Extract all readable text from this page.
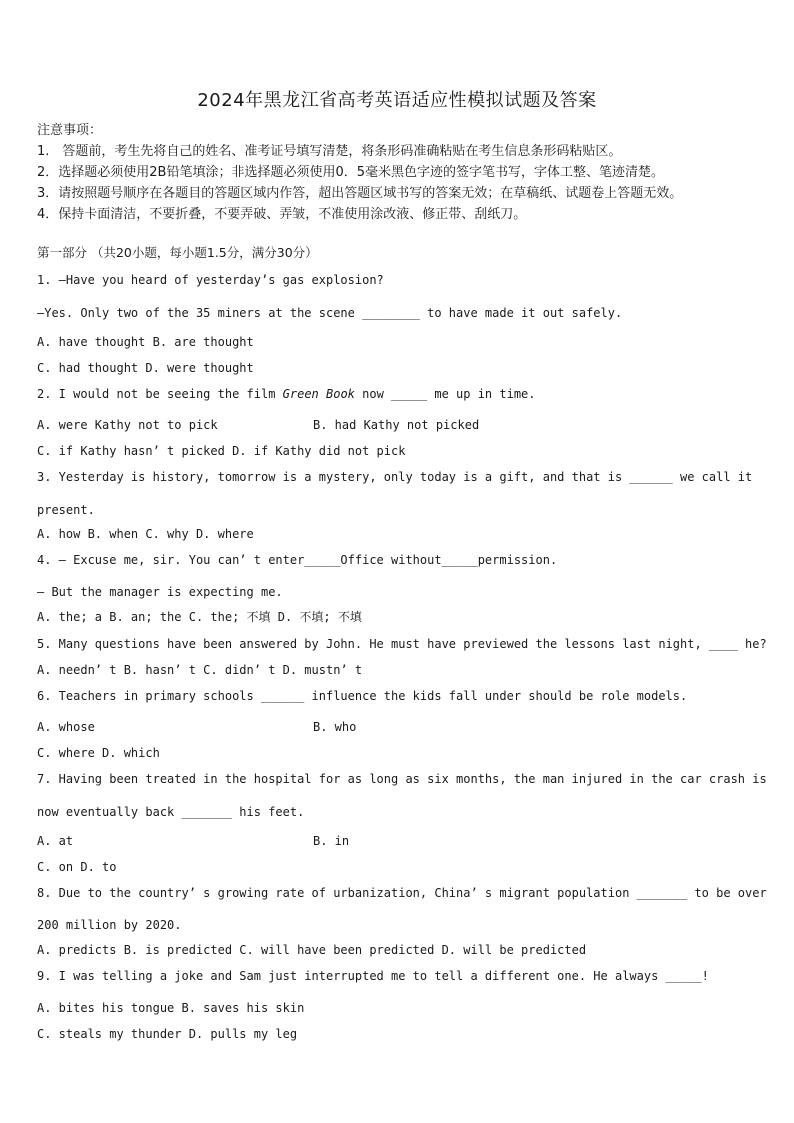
2024年黑龙江省高考英语适应性模拟试题及答案
注意事项：
1.　答题前，考生先将自己的姓名、准考证号填写清楚，将条形码准确粘贴在考生信息条形码粘贴区。
2．选择题必须使用2B铅笔填涂；非选择题必须使用0．5毫米黑色字迹的签字笔书写，字体工整、笔迹清楚。
3．请按照题号顺序在各题目的答题区域内作答，超出答题区域书写的答案无效；在草稿纸、试题卷上答题无效。
4．保持卡面清洁，不要折叠，不要弄破、弄皱，不准使用涂改液、修正带、刮纸刀。
第一部分 （共20小题，每小题1.5分，满分30分）
1. —Have you heard of yesterday’s gas explosion?
—Yes. Only two of the 35 miners at the scene ________ to have made it out safely.
A. have thought B. are thought
C. had thought D. were thought
2. I would not be seeing the film Green Book now _____ me up in time.
A. were Kathy not to pick	B. had Kathy not picked
C. if Kathy hasn’ t picked D. if Kathy did not pick
3. Yesterday is history, tomorrow is a mystery, only today is a gift, and that is ______ we call it
present.
A. how B. when C. why D. where
4. — Excuse me, sir. You can’ t enter_____Office without_____permission.
— But the manager is expecting me.
A. the; a B. an; the C. the; 不填 D. 不填; 不填
5. Many questions have been answered by John. He must have previewed the lessons last night, ____ he?
A. needn’ t B. hasn’ t C. didn’ t D. mustn’ t
6. Teachers in primary schools ______ influence the kids fall under should be role models.
A. whose	B. who
C. where D. which
7. Having been treated in the hospital for as long as six months, the man injured in the car crash is
now eventually back _______ his feet.
A. at	B. in
C. on D. to
8. Due to the country’ s growing rate of urbanization, China’ s migrant population _______ to be over
200 million by 2020.
A. predicts B. is predicted C. will have been predicted D. will be predicted
9. I was telling a joke and Sam just interrupted me to tell a different one. He always _____!
A. bites his tongue B. saves his skin
C. steals my thunder D. pulls my leg
